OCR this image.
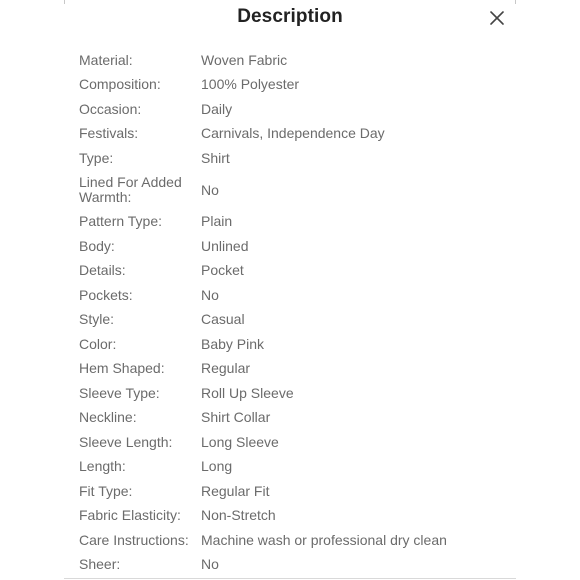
Description
Material:	Woven Fabric
Composition:	100% Polyester
Occasion:	Daily
Festivals:	Carnivals, Independence Day
Type:	Shirt
Lined For Added Warmth:	No
Pattern Type:	Plain
Body:	Unlined
Details:	Pocket
Pockets:	No
Style:	Casual
Color:	Baby Pink
Hem Shaped:	Regular
Sleeve Type:	Roll Up Sleeve
Neckline:	Shirt Collar
Sleeve Length:	Long Sleeve
Length:	Long
Fit Type:	Regular Fit
Fabric Elasticity:	Non-Stretch
Care Instructions: Machine wash or professional dry clean
Sheer:	No
